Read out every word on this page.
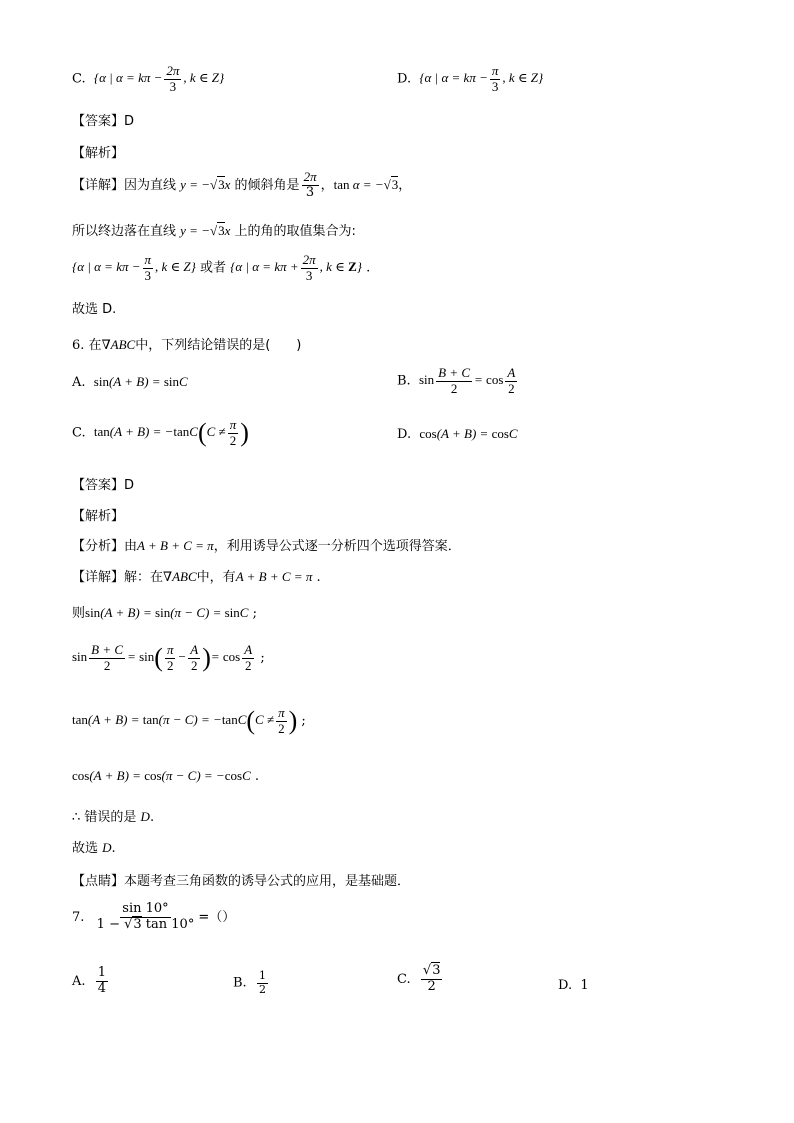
C. {α | $\alpha = k\pi - \frac{2\pi}{3}$ , k ∈ Z}	D. {α | $\alpha = k\pi - \frac{\pi}{3}$ , k ∈ Z}
【答案】D
【解析】
【详解】因为直线 y = −√3x 的倾斜角是 $\frac{2\pi}{3}$ ，tan α = −√3，
所以终边落在直线 y = −√3x 上的角的取值集合为:
{α | $\alpha = k\pi - \frac{\pi}{3}$ , k ∈ Z} 或者 {α | $\alpha = k\pi + \frac{2\pi}{3}$ , k ∈ Z} .
故选 D.
6. 在∇ABC中，下列结论错误的是(　　)
A. sin(A + B) = sinC	B. $\sin \frac{B + C}{2} = \cos \frac{A}{2}$
C. $\tan(A + B) = -\tan C(C \ne \frac{\pi}{2}$ )	D. cos(A + B) = cosC
【答案】D
【解析】
【分析】由A + B + C = π，利用诱导公式逐一分析四个选项得答案．
【详解】解：在∇ABC中，有A + B + C = π .
则sin(A + B) = sin(π − C) = sinC ;
$\sin \frac{B + C}{2} = \sin( \frac{\pi}{2} - \frac{A}{2}$ )= $\cos \frac{A}{2}$ ;
$\tan(A + B) = \tan(\pi - C) = -\tan C(C \ne \frac{\pi}{2}$ ) ;
cos(A + B) = cos(π − C) = −cosC .
∴ 错误的是 D.
故选 D.
【点睛】本题考查三角函数的诱导公式的应用，是基础题．
7. $\frac{\sin 10^\circ}{1 - √3 \tan 10^\circ}$ =（）
A. $\frac{1}{4}$	B. $\frac{1}{2}$	C. $\frac{√3}{2}$	D. 1
